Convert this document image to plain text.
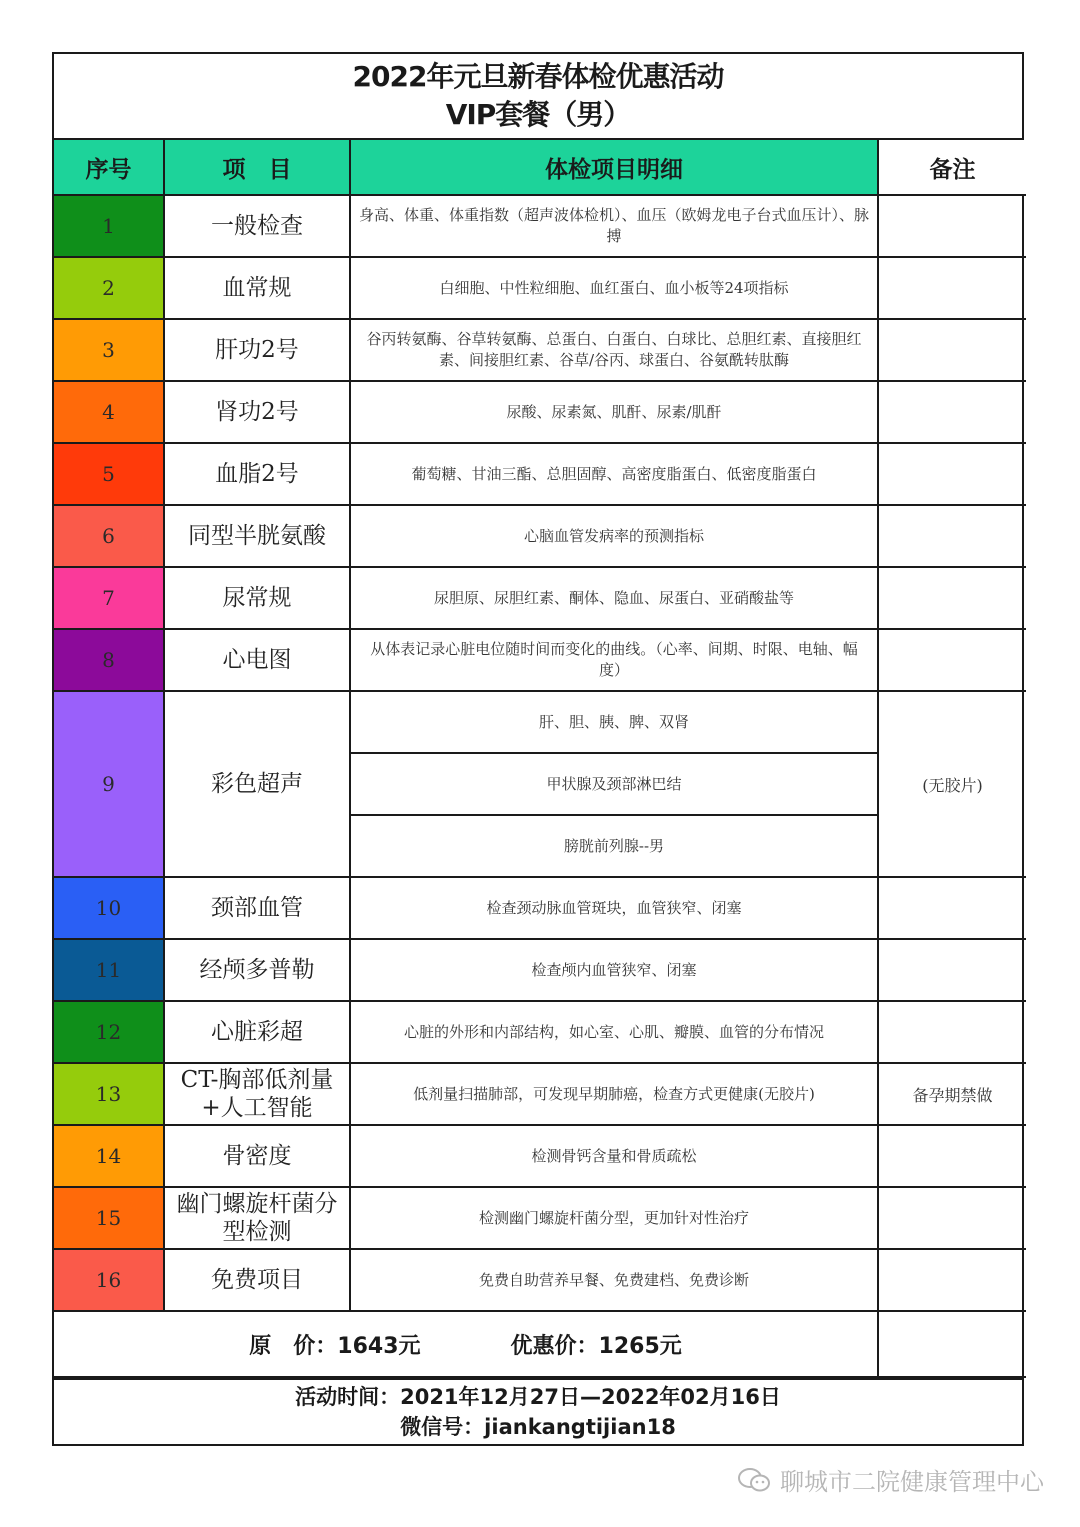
2022年元旦新春体检优惠活动
VIP套餐（男）
序号	项　目	体检项目明细	备注
1	一般检查	身高、体重、体重指数（超声波体检机）、血压（欧姆龙电子台式血压计）、脉搏	
2	血常规	白细胞、中性粒细胞、血红蛋白、血小板等24项指标	
3	肝功2号	谷丙转氨酶、谷草转氨酶、总蛋白、白蛋白、白球比、总胆红素、直接胆红素、间接胆红素、谷草/谷丙、球蛋白、谷氨酰转肽酶	
4	肾功2号	尿酸、尿素氮、肌酐、尿素/肌酐	
5	血脂2号	葡萄糖、甘油三酯、总胆固醇、高密度脂蛋白、低密度脂蛋白	
6	同型半胱氨酸	心脑血管发病率的预测指标	
7	尿常规	尿胆原、尿胆红素、酮体、隐血、尿蛋白、亚硝酸盐等	
8	心电图	从体表记录心脏电位随时间而变化的曲线。（心率、间期、时限、电轴、幅度）	
9	彩色超声	肝、胆、胰、脾、双肾	(无胶片)
		甲状腺及颈部淋巴结	
		膀胱前列腺--男	
10	颈部血管	检查颈动脉血管斑块，血管狭窄、闭塞	
11	经颅多普勒	检查颅内血管狭窄、闭塞	
12	心脏彩超	心脏的外形和内部结构，如心室、心肌、瓣膜、血管的分布情况	
13	CT-胸部低剂量+人工智能	低剂量扫描肺部，可发现早期肺癌，检查方式更健康(无胶片)	备孕期禁做
14	骨密度	检测骨钙含量和骨质疏松	
15	幽门螺旋杆菌分型检测	检测幽门螺旋杆菌分型，更加针对性治疗	
16	免费项目	免费自助营养早餐、免费建档、免费诊断	

原　价：1643元 优惠价：1265元			

活动时间：2021年12月27日—2022年02月16日
微信号：jiankangtijian18
聊城市二院健康管理中心
